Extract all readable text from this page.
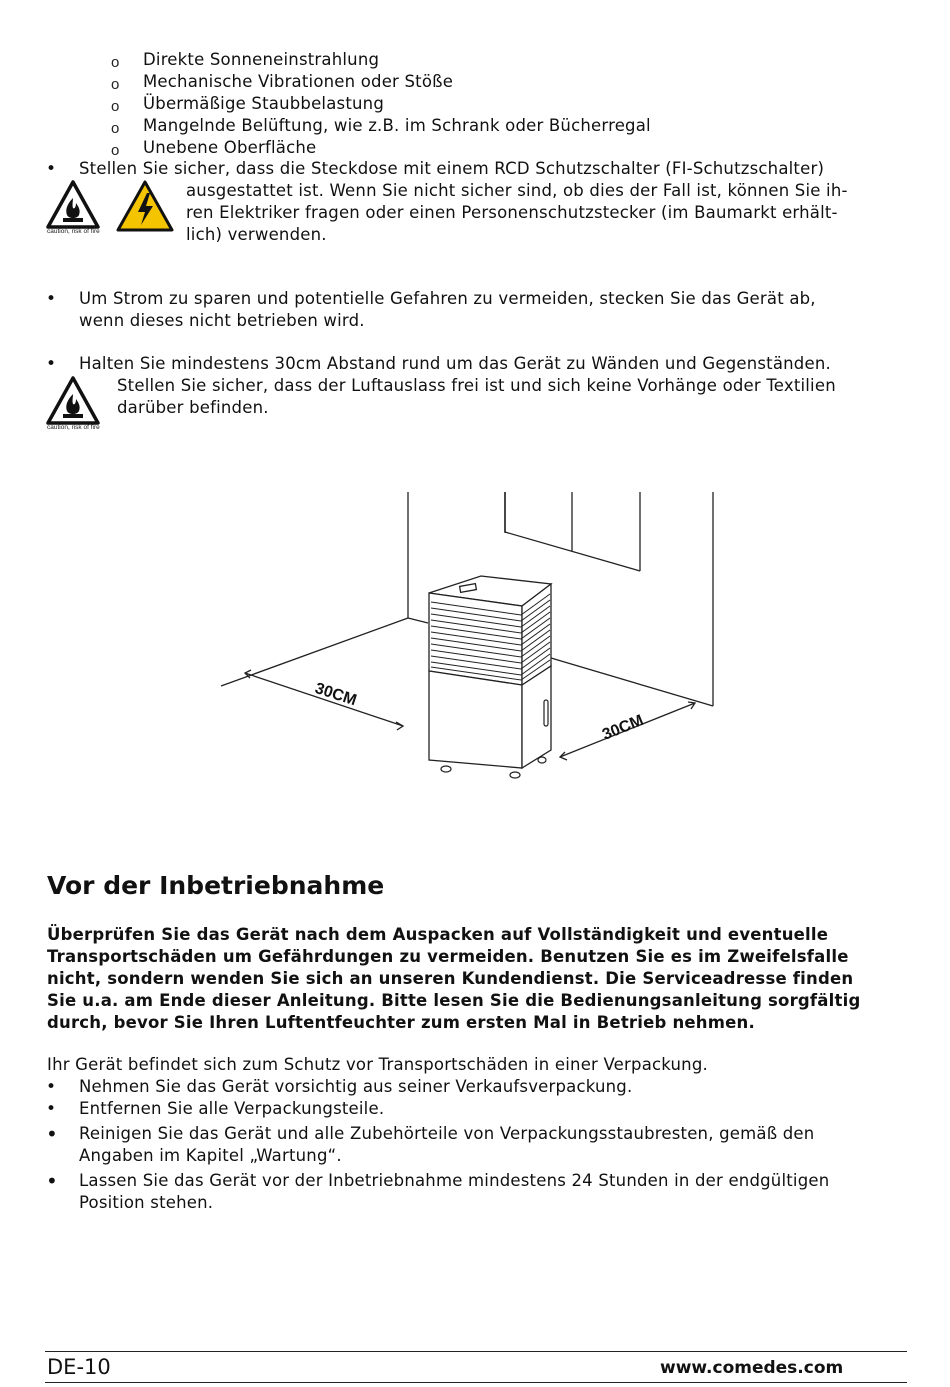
o Direkte Sonneneinstrahlung
o Mechanische Vibrationen oder Stöße
o Übermäßige Staubbelastung
o Mangelnde Belüftung, wie z.B. im Schrank oder Bücherregal
o Unebene Oberfläche
• Stellen Sie sicher, dass die Steckdose mit einem RCD Schutzschalter (FI-Schutzschalter)
ausgestattet ist. Wenn Sie nicht sicher sind, ob dies der Fall ist, können Sie ih-
ren Elektriker fragen oder einen Personenschutzstecker (im Baumarkt erhält-
lich) verwenden.
caution, risk of fire
• Um Strom zu sparen und potentielle Gefahren zu vermeiden, stecken Sie das Gerät ab,
wenn dieses nicht betrieben wird.
• Halten Sie mindestens 30cm Abstand rund um das Gerät zu Wänden und Gegenständen.
Stellen Sie sicher, dass der Luftauslass frei ist und sich keine Vorhänge oder Textilien
darüber befinden.
caution, risk of fire
30CM
30CM
Vor der Inbetriebnahme
Überprüfen Sie das Gerät nach dem Auspacken auf Vollständigkeit und eventuelle
Transportschäden um Gefährdungen zu vermeiden. Benutzen Sie es im Zweifelsfalle
nicht, sondern wenden Sie sich an unseren Kundendienst. Die Serviceadresse finden
Sie u.a. am Ende dieser Anleitung. Bitte lesen Sie die Bedienungsanleitung sorgfältig
durch, bevor Sie Ihren Luftentfeuchter zum ersten Mal in Betrieb nehmen.
Ihr Gerät befindet sich zum Schutz vor Transportschäden in einer Verpackung.
• Nehmen Sie das Gerät vorsichtig aus seiner Verkaufsverpackung.
• Entfernen Sie alle Verpackungsteile.
• Reinigen Sie das Gerät und alle Zubehörteile von Verpackungsstaubresten, gemäß den
Angaben im Kapitel „Wartung“.
• Lassen Sie das Gerät vor der Inbetriebnahme mindestens 24 Stunden in der endgültigen
Position stehen.
DE-10	www.comedes.com
